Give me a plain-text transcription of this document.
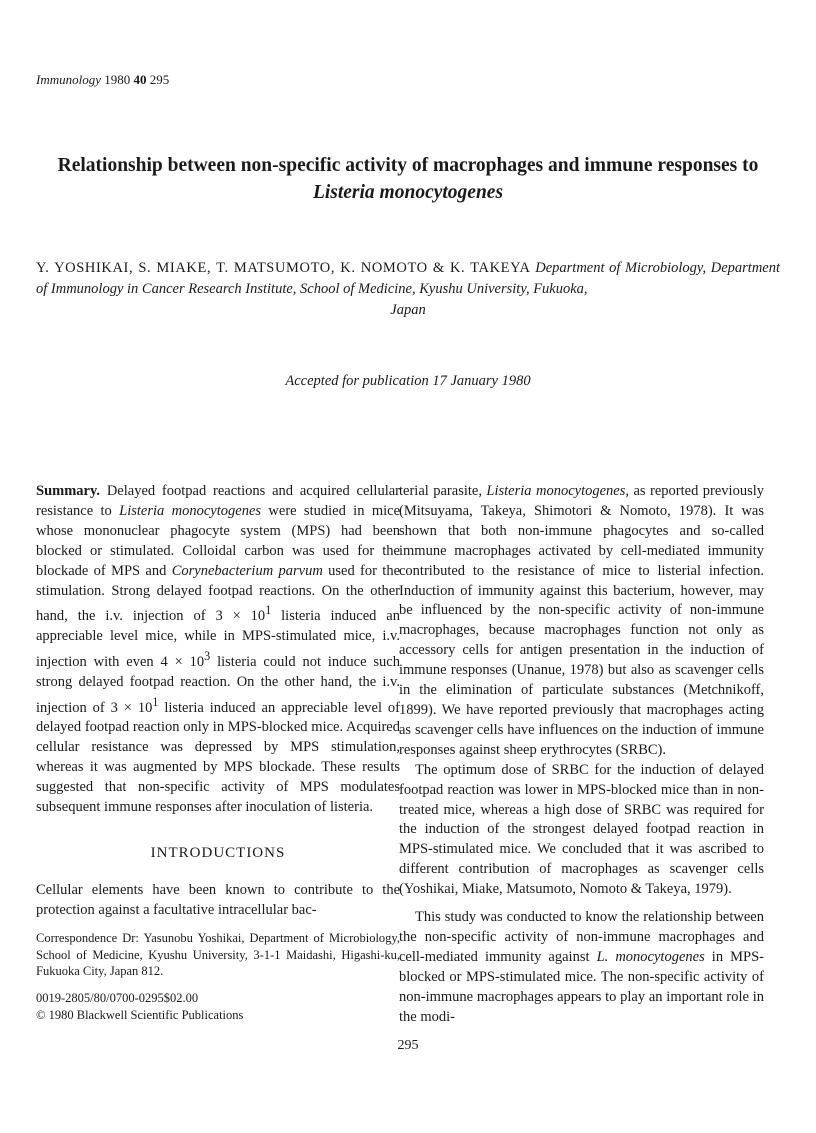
Immunology 1980 40 295
Relationship between non-specific activity of macrophages and immune responses to
Listeria monocytogenes
Y. YOSHIKAI, S. MIAKE, T. MATSUMOTO, K. NOMOTO & K. TAKEYA Department of Microbiology, Department of Immunology in Cancer Research Institute, School of Medicine, Kyushu University, Fukuoka,
Japan
Accepted for publication 17 January 1980

Summary. Delayed footpad reactions and acquired cellular resistance to Listeria monocytogenes were studied in mice whose mononuclear phagocyte system (MPS) had been blocked or stimulated. Colloidal carbon was used for the blockade of MPS and Corynebacterium parvum used for the stimulation. Strong delayed footpad reactions. On the other hand, the i.v. injection of $3 \times 10^1$ listeria induced an appreciable level mice, while in MPS-stimulated mice, i.v. injection with even $4 \times 10^3$ listeria could not induce such strong delayed footpad reaction. On the other hand, the i.v. injection of $3 \times 10^1$ listeria induced an appreciable level of delayed footpad reaction only in MPS-blocked mice. Acquired cellular resistance was depressed by MPS stimulation, whereas it was augmented by MPS blockade. These results suggested that non-specific activity of MPS modulates subsequent immune responses after inoculation of listeria.

INTRODUCTIONS

Cellular elements have been known to contribute to the protection against a facultative intracellular bac-

Correspondence Dr: Yasunobu Yoshikai, Department of Microbiology, School of Medicine, Kyushu University, 3-1-1 Maidashi, Higashi-ku, Fukuoka City, Japan 812.
0019-2805/80/0700-0295$02.00
© 1980 Blackwell Scientific Publications

terial parasite, Listeria monocytogenes, as reported previously (Mitsuyama, Takeya, Shimotori & Nomoto, 1978). It was shown that both non-immune phagocytes and so-called immune macrophages activated by cell-mediated immunity contributed to the resistance of mice to listerial infection. Induction of immunity against this bacterium, however, may be influenced by the non-specific activity of non-immune macrophages, because macrophages function not only as accessory cells for antigen presentation in the induction of immune responses (Unanue, 1978) but also as scavenger cells in the elimination of particulate substances (Metchnikoff, 1899). We have reported previously that macrophages acting as scavenger cells have influences on the induction of immune responses against sheep erythrocytes (SRBC).

The optimum dose of SRBC for the induction of delayed footpad reaction was lower in MPS-blocked mice than in non-treated mice, whereas a high dose of SRBC was required for the induction of the strongest delayed footpad reaction in MPS-stimulated mice. We concluded that it was ascribed to different contribution of macrophages as scavenger cells (Yoshikai, Miake, Matsumoto, Nomoto & Takeya, 1979).

This study was conducted to know the relationship between the non-specific activity of non-immune macrophages and cell-mediated immunity against L. monocytogenes in MPS-blocked or MPS-stimulated mice. The non-specific activity of non-immune macrophages appears to play an important role in the modi-

295
